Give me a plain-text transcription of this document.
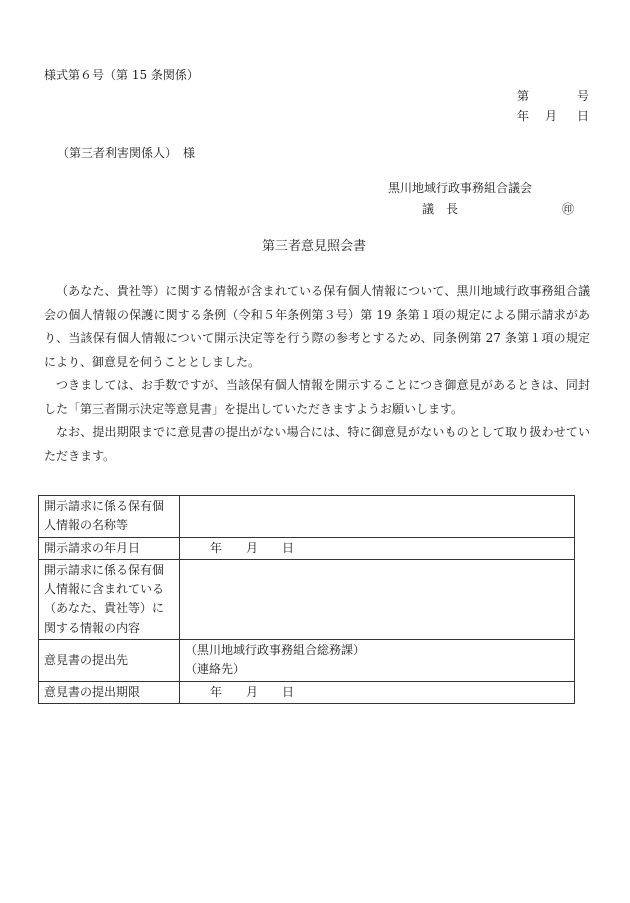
様式第６号（第 15 条関係）
第	号
年 月 日
（第三者利害関係人）　様
黒川地域行政事務組合議会
議　長	㊞
第三者意見照会書

（あなた、貴社等）に関する情報が含まれている保有個人情報について、黒川地域行政事務組合議会の個人情報の保護に関する条例（令和５年条例第３号）第 19 条第１項の規定による開示請求があり、当該保有個人情報について開示決定等を行う際の参考とするため、同条例第 27 条第１項の規定により、御意見を伺うこととしました。

つきましては、お手数ですが、当該保有個人情報を開示することにつき御意見があるときは、同封した「第三者開示決定等意見書」を提出していただきますようお願いします。

なお、提出期限までに意見書の提出がない場合には、特に御意見がないものとして取り扱わせていただきます。

開示請求に係る保有個人情報の名称等	
開示請求の年月日	年　　月　　日
開示請求に係る保有個人情報に含まれている（あなた、貴社等）に関する情報の内容	
意見書の提出先	（黒川地域行政事務組合総務課）
（連絡先）

意見書の提出期限	年　　月　　日
